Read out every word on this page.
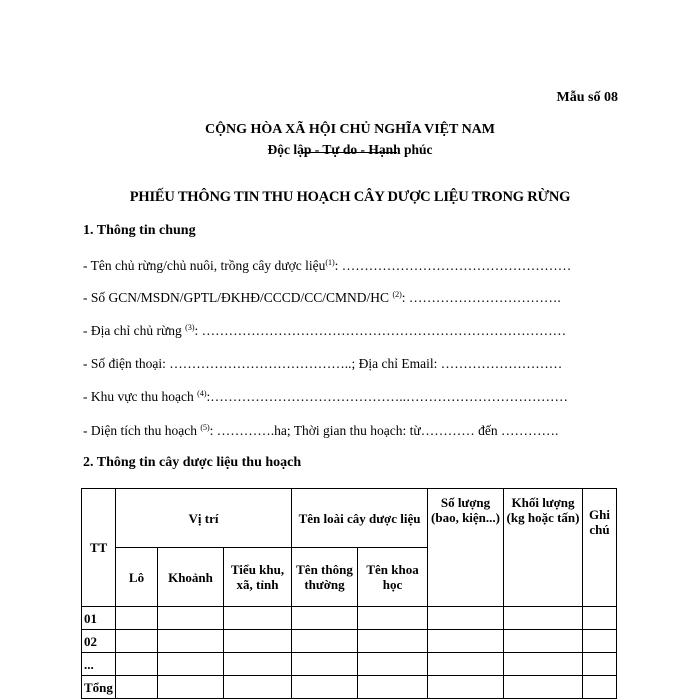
Mẫu số 08
CỘNG HÒA XÃ HỘI CHỦ NGHĨA VIỆT NAM
Độc lập - Tự do - Hạnh phúc
PHIẾU THÔNG TIN THU HOẠCH CÂY DƯỢC LIỆU TRONG RỪNG
1. Thông tin chung
- Tên chủ rừng/chủ nuôi, trồng cây dược liệu$^{(1)}$: ……………………………………………
- Số GCN/MSDN/GPTL/ĐKHĐ/CCCD/CC/CMND/HC $^{(2)}$: …………………………….
- Địa chỉ chủ rừng $^{(3)}$: ………………………………………………………………………
- Số điện thoại: …………………………………..; Địa chỉ Email: ………………………
- Khu vực thu hoạch $^{(4)}$:……………………………………..………………………………
- Diện tích thu hoạch $^{(5)}$: ………….ha; Thời gian thu hoạch: từ………… đến ………….
2. Thông tin cây dược liệu thu hoạch
TT	Vị trí			Tên loài cây dược liệu		Số lượng (bao, kiện...)	Khối lượng (kg hoặc tấn)	Ghi chú
	Lô	Khoảnh	Tiểu khu, xã, tỉnh	Tên thông thường	Tên khoa học			
01								
02								
...								
Tổng								
